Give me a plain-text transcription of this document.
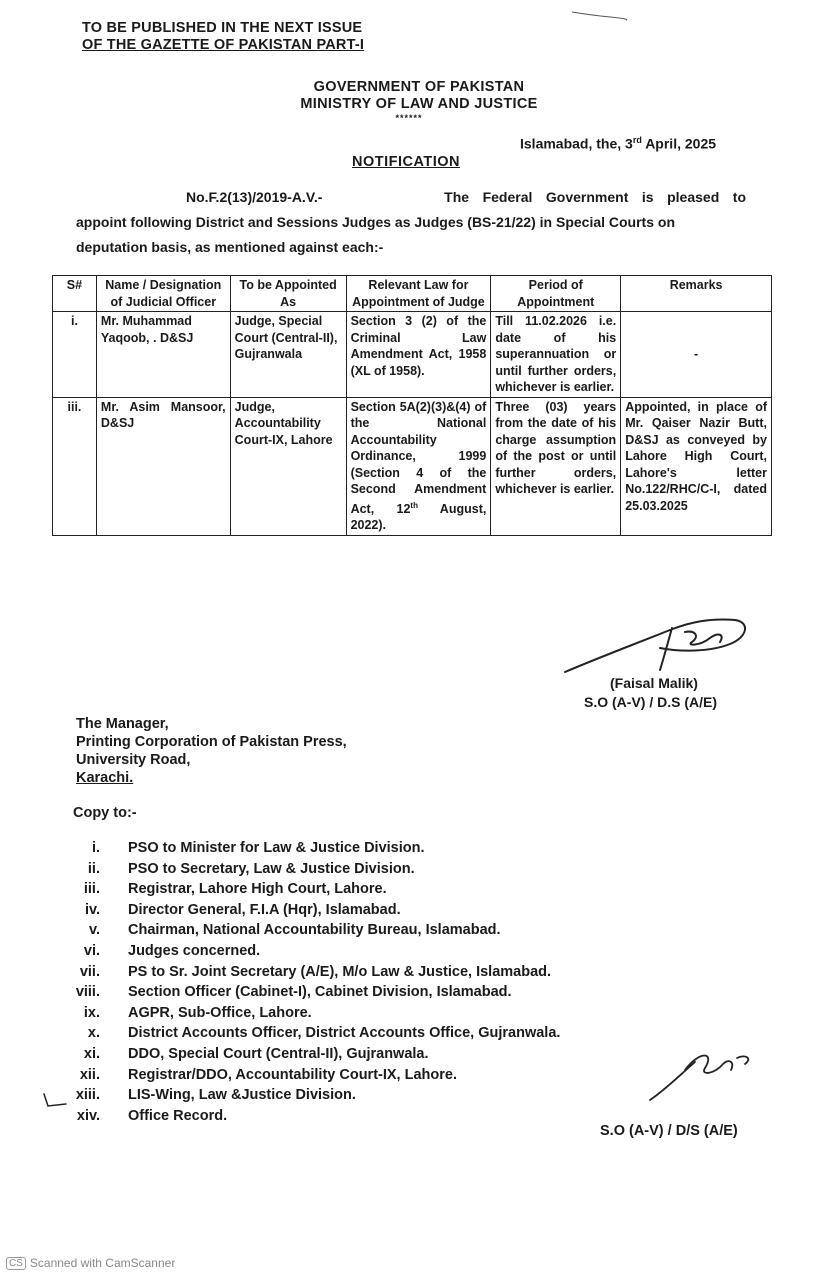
TO BE PUBLISHED IN THE NEXT ISSUE
OF THE GAZETTE OF PAKISTAN PART-I
GOVERNMENT OF PAKISTAN
MINISTRY OF LAW AND JUSTICE
******
Islamabad, the, 3rd April, 2025
NOTIFICATION
No.F.2(13)/2019-A.V.-         The Federal Government is pleased to
appoint following District and Sessions Judges as Judges (BS-21/22) in Special Courts on
deputation basis, as mentioned against each:-
S#	Name / Designation of Judicial Officer	To be Appointed As	Relevant Law for Appointment of Judge	Period of Appointment	Remarks
i.	Mr. Muhammad Yaqoob, . D&SJ	Judge, Special Court (Central-II), Gujranwala	Section 3 (2) of the Criminal Law Amendment Act, 1958 (XL of 1958).	Till 11.02.2026 i.e. date of his superannuation or until further orders, whichever is earlier.	-
iii.	Mr. Asim Mansoor, D&SJ	Judge, Accountability Court-IX, Lahore	Section 5A(2)(3)&(4) of the National Accountability Ordinance, 1999 (Section 4 of the Second Amendment Act, 12th August, 2022).	Three (03) years from the date of his charge assumption of the post or until further orders, whichever is earlier.	Appointed, in place of Mr. Qaiser Nazir Butt, D&SJ as conveyed by Lahore High Court, Lahore's letter No.122/RHC/C-I, dated 25.03.2025
(Faisal Malik)
S.O (A-V) / D.S (A/E)
The Manager,
Printing Corporation of Pakistan Press,
University Road,
Karachi.
Copy to:-
i.	PSO to Minister for Law & Justice Division.
ii.	PSO to Secretary, Law & Justice Division.
iii.	Registrar, Lahore High Court, Lahore.
iv.	Director General, F.I.A (Hqr), Islamabad.
v.	Chairman, National Accountability Bureau, Islamabad.
vi.	Judges concerned.
vii.	PS to Sr. Joint Secretary (A/E), M/o Law & Justice, Islamabad.
viii.	Section Officer (Cabinet-I), Cabinet Division, Islamabad.
ix.	AGPR, Sub-Office, Lahore.
x.	District Accounts Officer, District Accounts Office, Gujranwala.
xi.	DDO, Special Court (Central-II), Gujranwala.
xii.	Registrar/DDO, Accountability Court-IX, Lahore.
xiii.	LIS-Wing, Law &Justice Division.
xiv.	Office Record.
S.O (A-V) / D/S (A/E)
CS Scanned with CamScanner
